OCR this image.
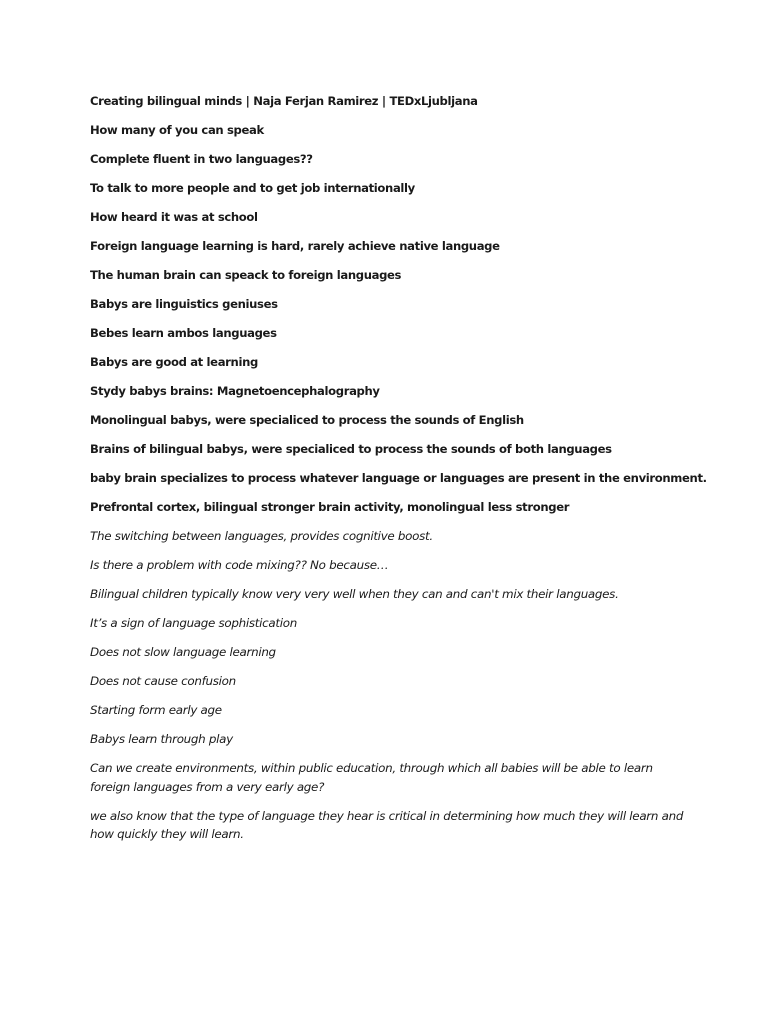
Creating bilingual minds | Naja Ferjan Ramirez | TEDxLjubljana

How many of you can speak

Complete fluent in two languages??

To talk to more people and to get job internationally

How heard it was at school

Foreign language learning is hard, rarely achieve native language

The human brain can speack to foreign languages

Babys are linguistics geniuses

Bebes learn ambos languages

Babys are good at learning

Stydy babys brains: Magnetoencephalography

Monolingual babys, were specialiced to process the sounds of English

Brains of bilingual babys, were specialiced to process the sounds of both languages

baby brain specializes to process whatever language or languages are present in the environment.

Prefrontal cortex, bilingual stronger brain activity, monolingual less stronger

The switching between languages, provides cognitive boost.

Is there a problem with code mixing?? No because…

Bilingual children typically know very very well when they can and can't mix their languages.

It’s a sign of language sophistication

Does not slow language learning

Does not cause confusion

Starting form early age

Babys learn through play

Can we create environments, within public education, through which all babies will be able to learn foreign languages from a very early age?

we also know that the type of language they hear is critical in determining how much they will learn and how quickly they will learn.
